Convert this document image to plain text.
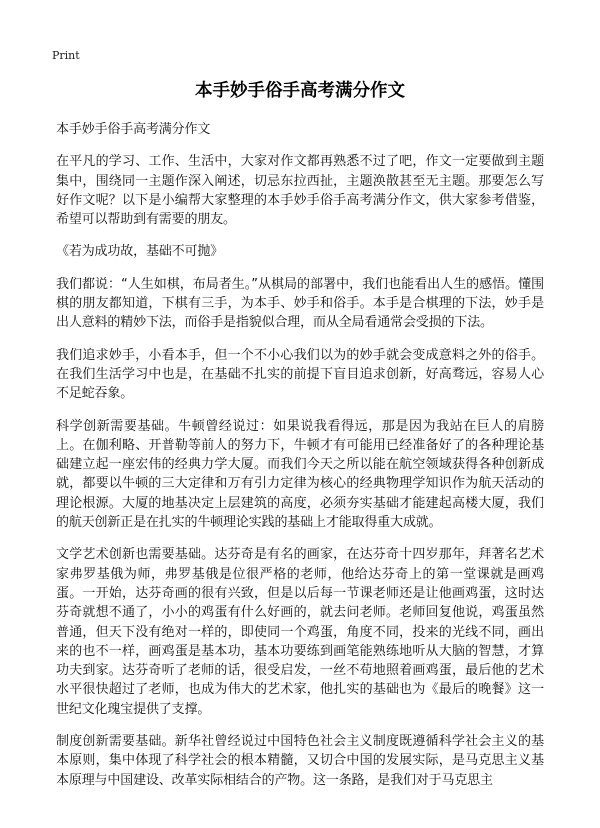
Print
本手妙手俗手高考满分作文

本手妙手俗手高考满分作文

在平凡的学习、工作、生活中，大家对作文都再熟悉不过了吧，作文一定要做到主题集中，围绕同一主题作深入阐述，切忌东拉西扯，主题涣散甚至无主题。那要怎么写好作文呢？以下是小编帮大家整理的本手妙手俗手高考满分作文，供大家参考借鉴，希望可以帮助到有需要的朋友。

《若为成功故，基础不可抛》

我们都说：“人生如棋，布局者生。”从棋局的部署中，我们也能看出人生的感悟。懂围棋的朋友都知道，下棋有三手，为本手、妙手和俗手。本手是合棋理的下法，妙手是出人意料的精妙下法，而俗手是指貌似合理，而从全局看通常会受损的下法。

我们追求妙手，小看本手，但一个不小心我们以为的妙手就会变成意料之外的俗手。在我们生活学习中也是，在基础不扎实的前提下盲目追求创新，好高骛远，容易人心不足蛇吞象。

科学创新需要基础。牛顿曾经说过：如果说我看得远，那是因为我站在巨人的肩膀上。在伽利略、开普勒等前人的努力下，牛顿才有可能用已经准备好了的各种理论基础建立起一座宏伟的经典力学大厦。而我们今天之所以能在航空领域获得各种创新成就，都要以牛顿的三大定律和万有引力定律为核心的经典物理学知识作为航天活动的理论根源。大厦的地基决定上层建筑的高度，必须夯实基础才能建起高楼大厦，我们的航天创新正是在扎实的牛顿理论实践的基础上才能取得重大成就。

文学艺术创新也需要基础。达芬奇是有名的画家，在达芬奇十四岁那年，拜著名艺术家弗罗基俄为师，弗罗基俄是位很严格的老师，他给达芬奇上的第一堂课就是画鸡蛋。一开始，达芬奇画的很有兴致，但是以后每一节课老师还是让他画鸡蛋，这时达芬奇就想不通了，小小的鸡蛋有什么好画的，就去问老师。老师回复他说，鸡蛋虽然普通，但天下没有绝对一样的，即使同一个鸡蛋，角度不同，投来的光线不同，画出来的也不一样，画鸡蛋是基本功，基本功要练到画笔能熟练地听从大脑的智慧，才算功夫到家。达芬奇听了老师的话，很受启发，一丝不苟地照着画鸡蛋，最后他的艺术水平很快超过了老师，也成为伟大的艺术家，他扎实的基础也为《最后的晚餐》这一世纪文化瑰宝提供了支撑。

制度创新需要基础。新华社曾经说过中国特色社会主义制度既遵循科学社会主义的基本原则，集中体现了科学社会的根本精髓，又切合中国的发展实际，是马克思主义基本原理与中国建设、改革实际相结合的产物。这一条路，是我们对于马克思主
